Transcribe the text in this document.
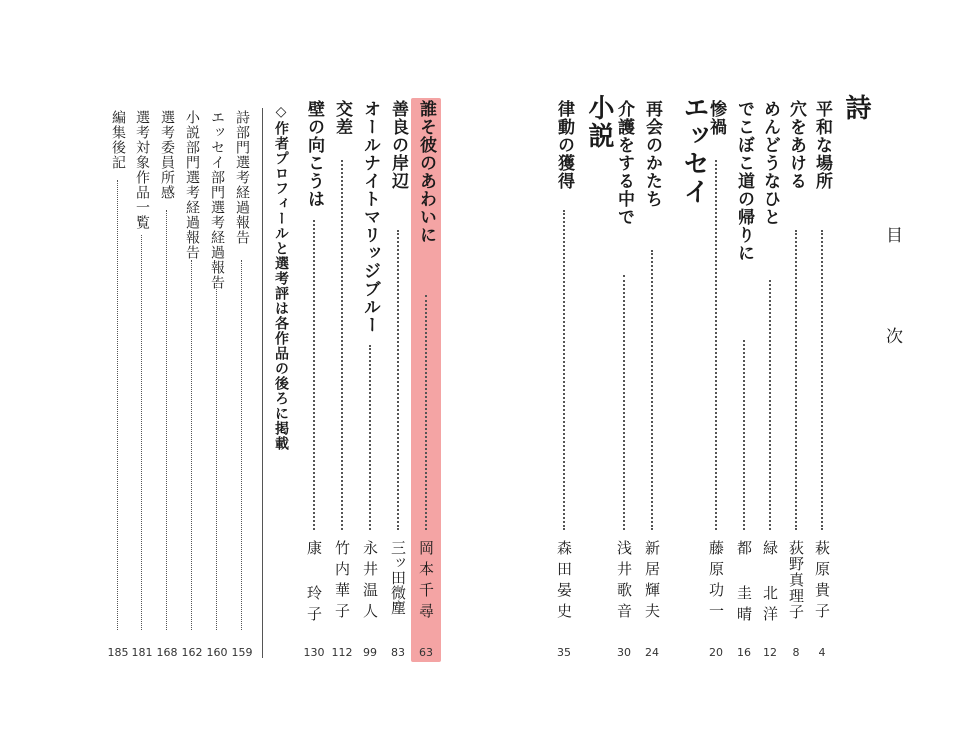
目 次
詩
エッセイ
小説	平和な場所
萩原貴子
4
穴をあける
荻野真理子
8
めんどうなひと
緑 北洋
12
でこぼこ道の帰りに
都 圭晴
16
惨禍
藤原功一
20
再会のかたち
新居輝夫
24
介護をする中で
浅井歌音
30
律動の獲得
森田晏史
35
誰そ彼のあわいに
岡本千尋
63
善良の岸辺
三ッ田微塵
83
オールナイトマリッジブルー
永井温人
99
交差
竹内華子
112
壁の向こうは
康 玲子
130
◇作者プロフィールと選考評は各作品の後ろに掲載
詩部門選考経過報告
159
エッセイ部門選考経過報告
160
小説部門選考経過報告
162
選考委員所感
168
選考対象作品一覧
181
編集後記
185
